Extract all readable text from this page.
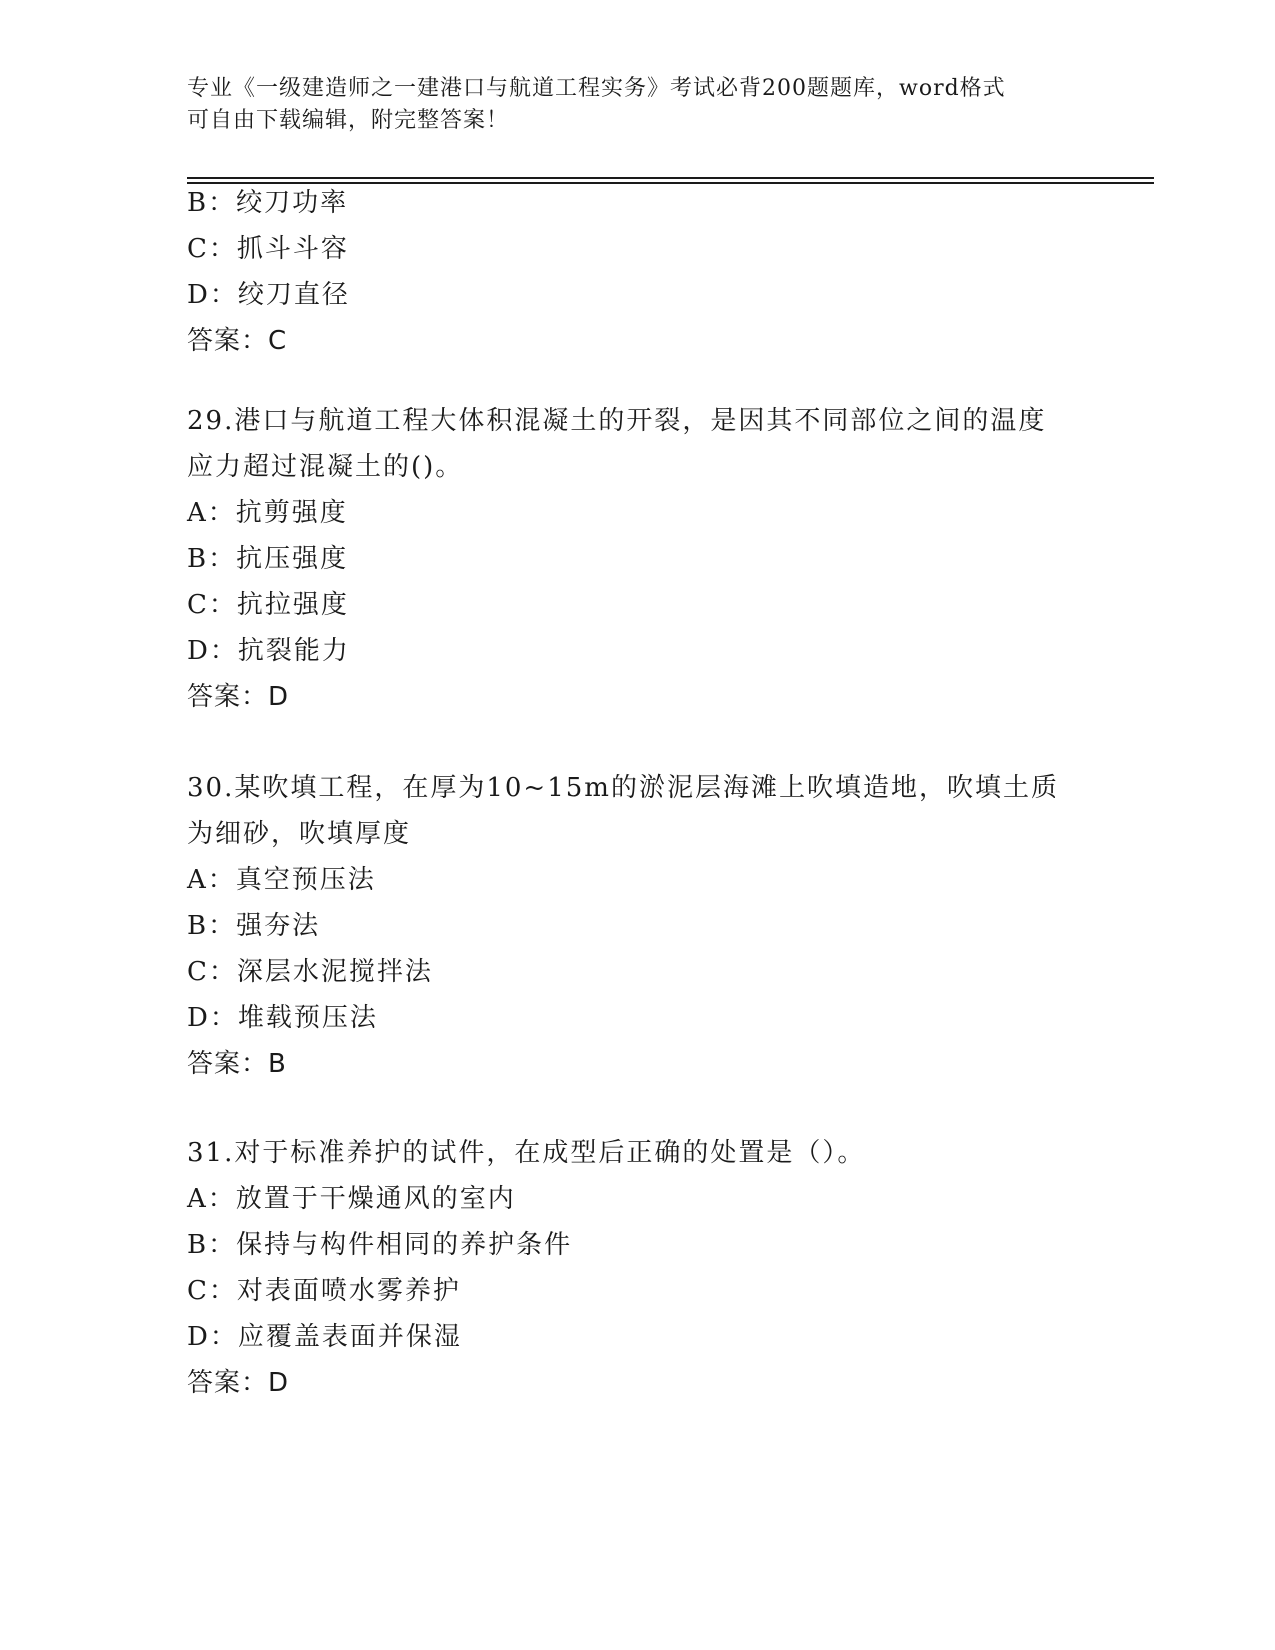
专业《一级建造师之一建港口与航道工程实务》考试必背200题题库，word格式
可自由下载编辑，附完整答案！
B：绞刀功率
C：抓斗斗容
D：绞刀直径
答案：C
29.港口与航道工程大体积混凝土的开裂，是因其不同部位之间的温度
应力超过混凝土的()。
A：抗剪强度
B：抗压强度
C：抗拉强度
D：抗裂能力
答案：D
30.某吹填工程，在厚为10~15m的淤泥层海滩上吹填造地，吹填土质
为细砂，吹填厚度
A：真空预压法
B：强夯法
C：深层水泥搅拌法
D：堆载预压法
答案：B
31.对于标准养护的试件，在成型后正确的处置是（）。
A：放置于干燥通风的室内
B：保持与构件相同的养护条件
C：对表面喷水雾养护
D：应覆盖表面并保湿
答案：D
